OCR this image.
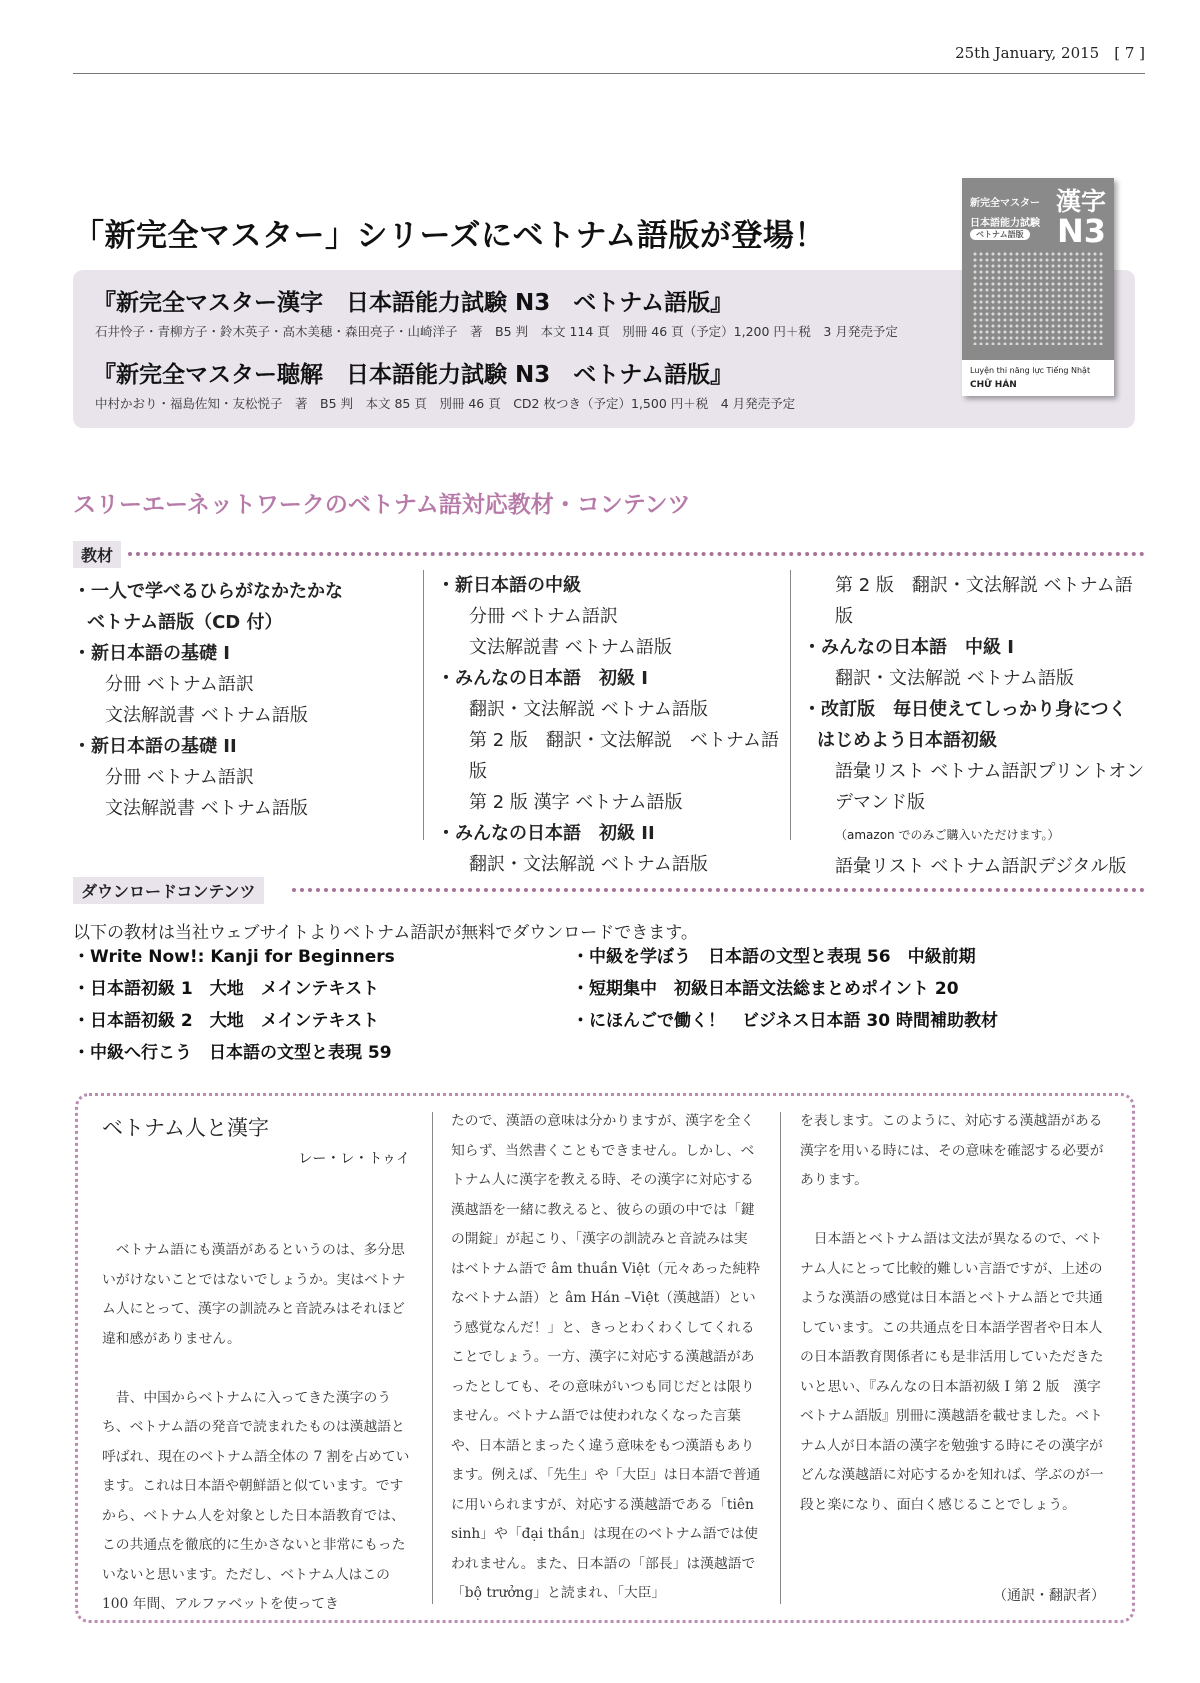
25th January, 2015　[ 7 ]
「新完全マスター」シリーズにベトナム語版が登場！
『新完全マスター漢字　日本語能力試験 N3　ベトナム語版』
石井怜子・青柳方子・鈴木英子・高木美穂・森田亮子・山崎洋子　著　B5 判　本文 114 頁　別冊 46 頁（予定）1,200 円＋税　3 月発売予定
『新完全マスター聴解　日本語能力試験 N3　ベトナム語版』
中村かおり・福島佐知・友松悦子　著　B5 判　本文 85 頁　別冊 46 頁　CD2 枚つき（予定）1,500 円＋税　4 月発売予定
新完全マスター 漢字
日本語能力試験
ベトナム語版 N3
Luyện thi năng lực Tiếng Nhật
CHỮ HÁN
スリーエーネットワークのベトナム語対応教材・コンテンツ
教材
・一人で学べるひらがなかたかな
ベトナム語版（CD 付）
・新日本語の基礎 I
分冊 ベトナム語訳
文法解説書 ベトナム語版
・新日本語の基礎 II
分冊 ベトナム語訳
文法解説書 ベトナム語版
・新日本語の中級
分冊 ベトナム語訳
文法解説書 ベトナム語版
・みんなの日本語　初級 I
翻訳・文法解説 ベトナム語版
第 2 版　翻訳・文法解説　ベトナム語版
第 2 版 漢字 ベトナム語版
・みんなの日本語　初級 II
翻訳・文法解説 ベトナム語版
第 2 版　翻訳・文法解説 ベトナム語版
・みんなの日本語　中級 I
翻訳・文法解説 ベトナム語版
・改訂版　毎日使えてしっかり身につく
はじめよう日本語初級
語彙リスト ベトナム語訳プリントオン
デマンド版（amazon でのみご購入いただけます。）
語彙リスト ベトナム語訳デジタル版
ダウンロードコンテンツ
以下の教材は当社ウェブサイトよりベトナム語訳が無料でダウンロードできます。
・Write Now!: Kanji for Beginners
・日本語初級 1　大地　メインテキスト
・日本語初級 2　大地　メインテキスト
・中級へ行こう　日本語の文型と表現 59
・中級を学ぼう　日本語の文型と表現 56　中級前期
・短期集中　初級日本語文法総まとめポイント 20
・にほんごで働く！　ビジネス日本語 30 時間補助教材
ベトナム人と漢字
レー・レ・トゥイ

　ベトナム語にも漢語があるというのは、多分思いがけないことではないでしょうか。実はベトナム人にとって、漢字の訓読みと音読みはそれほど違和感がありません。

　昔、中国からベトナムに入ってきた漢字のうち、ベトナム語の発音で読まれたものは漢越語と呼ばれ、現在のベトナム語全体の 7 割を占めています。これは日本語や朝鮮語と似ています。ですから、ベトナム人を対象とした日本語教育では、この共通点を徹底的に生かさないと非常にもったいないと思います。ただし、ベトナム人はこの 100 年間、アルファベットを使ってき

たので、漢語の意味は分かりますが、漢字を全く知らず、当然書くこともできません。しかし、ベトナム人に漢字を教える時、その漢字に対応する漢越語を一緒に教えると、彼らの頭の中では「鍵の開錠」が起こり、「漢字の訓読みと音読みは実はベトナム語で âm thuần Việt（元々あった純粋なベトナム語）と âm Hán –Việt（漢越語）という感覚なんだ！」と、きっとわくわくしてくれることでしょう。一方、漢字に対応する漢越語があったとしても、その意味がいつも同じだとは限りません。ベトナム語では使われなくなった言葉や、日本語とまったく違う意味をもつ漢語もあります。例えば、「先生」や「大臣」は日本語で普通に用いられますが、対応する漢越語である「tiên sinh」や「đại thần」は現在のベトナム語では使われません。また、日本語の「部長」は漢越語で「bộ trưởng」と読まれ、「大臣」

を表します。このように、対応する漢越語がある漢字を用いる時には、その意味を確認する必要があります。

　日本語とベトナム語は文法が異なるので、ベトナム人にとって比較的難しい言語ですが、上述のような漢語の感覚は日本語とベトナム語とで共通しています。この共通点を日本語学習者や日本人の日本語教育関係者にも是非活用していただきたいと思い、『みんなの日本語初級 I 第 2 版　漢字　ベトナム語版』別冊に漢越語を載せました。ベトナム人が日本語の漢字を勉強する時にその漢字がどんな漢越語に対応するかを知れば、学ぶのが一段と楽になり、面白く感じることでしょう。

（通訳・翻訳者）
